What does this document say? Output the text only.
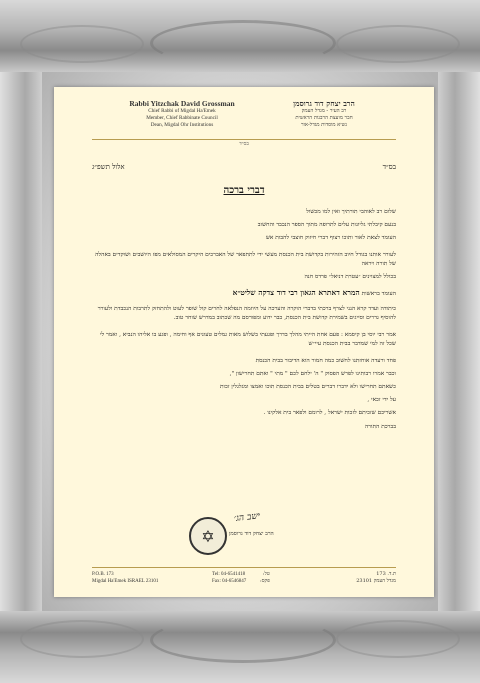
Rabbi Yitzchak David Grossman
Chief Rabbi of Migdal Ha'Emek
Member, Chief Rabbinate Council
Dean, Migdal Ohr Institutions
הרב יצחק דוד גרוסמן
רב העיר - מגדל העמק
חבר מועצת הרבנות הראשית
נשיא מוסדות מגדל-אור
בס״ד
בס״ד
אלול תשפ״ג
דברי ברכה

שלום רב לאוהבי תורתיך ואין למו מכשול

בנעם קיבלתי גליונות עלים לתרופה מתוך הספר הנכבד והחשוב

העומד לצאת לאור ותוכו רצוף דברי חיזוק חוצבי להבות אש

לעורר אותנו בגודל חיוב הזהירות בקדושת בית הכנסת מעשי ידי לתתפאר של האברכים היקרים המסולאים מפז היושבים ושוקדים באהלה של תורה ויראה

בכולל למצוינים ״עטרת דניאל״ פרדס חנה

העומד בראשות המרא דאתרא הגאון רבי דוד צדקה שליט״א

כיתודה ועדד קרא הנני לצרף ברכתי בדברי הוקרה והערכה על היוזמה הנפלאה לחרים קול שופר לעוט ולהתחזק לתרבות הנכבדת ולעורר להוסיף גדרים וסייגים בשמירת קדושת בית הכנסת, כבר ידוע ומפורסם מה שכתוב במדרש שוחר טוב.

אמר רבי יוסי בן קיסמא : פעם אחת הייתי מהלך בדרך ופגעתי בשלוש מאות גמלים טעונים אף וחימה , ופגע בו אליהו הנביא , ואמר לי שכל זה למי שמדבר בבית הכנסת עיי״ש

פחד ורעדה אוחזתנו לחשוב כמה חמור הוא הדיבור בבית הכנסת

וכבר אמרו רבותינו לפרש הפסוק " ה' ילחם לכם " מתי " ואתם תחרישון ",

כשאתם תחרישו ולא ידברו דברים בטלים בבית הכנסת תוכו ואמצו ומגלגלין זכות

על ידי זכאי ,

אשריכם שזכיתם לזכות ישראל , לרומם ולפאר בית אלקינו .

בברכת התורה
✡
ישב הג׳
הרב יצחק דוד גרוסמן
P.O.B. 173
Migdal Ha'Emek ISRAEL 23101
Tel: 04-6541418
Fax: 04-6546847
טל:
פקס:
ת.ד. 173
מגדל העמק 23101
